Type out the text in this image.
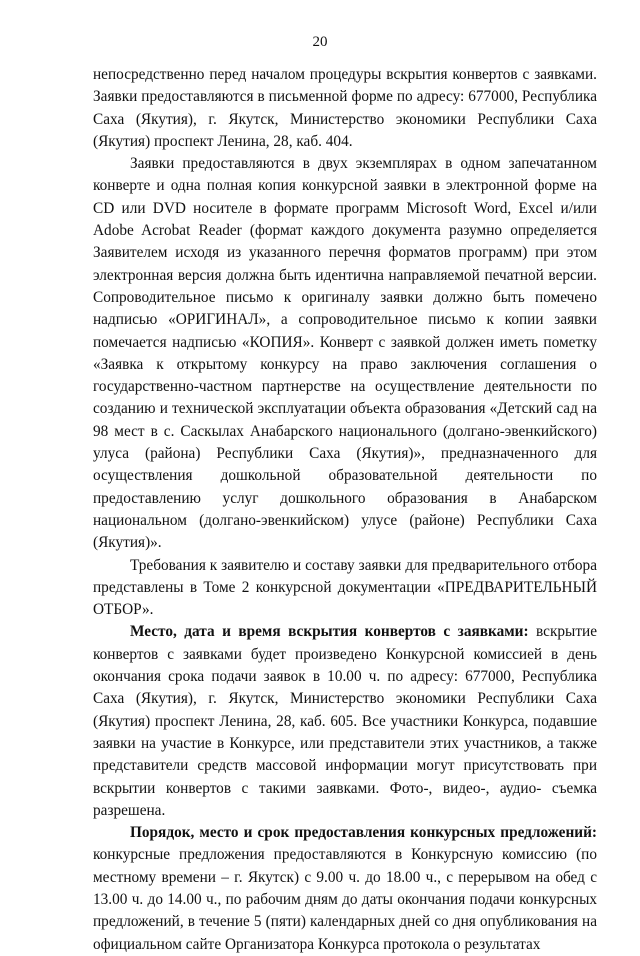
20

непосредственно перед началом процедуры вскрытия конвертов с заявками. Заявки предоставляются в письменной форме по адресу: 677000, Республика Саха (Якутия), г. Якутск, Министерство экономики Республики Саха (Якутия) проспект Ленина, 28, каб. 404.

Заявки предоставляются в двух экземплярах в одном запечатанном конверте и одна полная копия конкурсной заявки в электронной форме на CD или DVD носителе в формате программ Microsoft Word, Excel и/или Adobe Acrobat Reader (формат каждого документа разумно определяется Заявителем исходя из указанного перечня форматов программ) при этом электронная версия должна быть идентична направляемой печатной версии. Сопроводительное письмо к оригиналу заявки должно быть помечено надписью «ОРИГИНАЛ», а сопроводительное письмо к копии заявки помечается надписью «КОПИЯ». Конверт с заявкой должен иметь пометку «Заявка к открытому конкурсу на право заключения соглашения о государственно-частном партнерстве на осуществление деятельности по созданию и технической эксплуатации объекта образования «Детский сад на 98 мест в с. Саскылах Анабарского национального (долгано-эвенкийского) улуса (района) Республики Саха (Якутия)», предназначенного для осуществления дошкольной образовательной деятельности по предоставлению услуг дошкольного образования в Анабарском национальном (долгано-эвенкийском) улусе (районе) Республики Саха (Якутия)».

Требования к заявителю и составу заявки для предварительного отбора представлены в Томе 2 конкурсной документации «ПРЕДВАРИТЕЛЬНЫЙ ОТБОР».

Место, дата и время вскрытия конвертов с заявками: вскрытие конвертов с заявками будет произведено Конкурсной комиссией в день окончания срока подачи заявок в 10.00 ч. по адресу: 677000, Республика Саха (Якутия), г. Якутск, Министерство экономики Республики Саха (Якутия) проспект Ленина, 28, каб. 605. Все участники Конкурса, подавшие заявки на участие в Конкурсе, или представители этих участников, а также представители средств массовой информации могут присутствовать при вскрытии конвертов с такими заявками. Фото-, видео-, аудио- съемка разрешена.

Порядок, место и срок предоставления конкурсных предложений: конкурсные предложения предоставляются в Конкурсную комиссию (по местному времени – г. Якутск) с 9.00 ч. до 18.00 ч., с перерывом на обед с 13.00 ч. до 14.00 ч., по рабочим дням до даты окончания подачи конкурсных предложений, в течение 5 (пяти) календарных дней со дня опубликования на официальном сайте Организатора Конкурса протокола о результатах
